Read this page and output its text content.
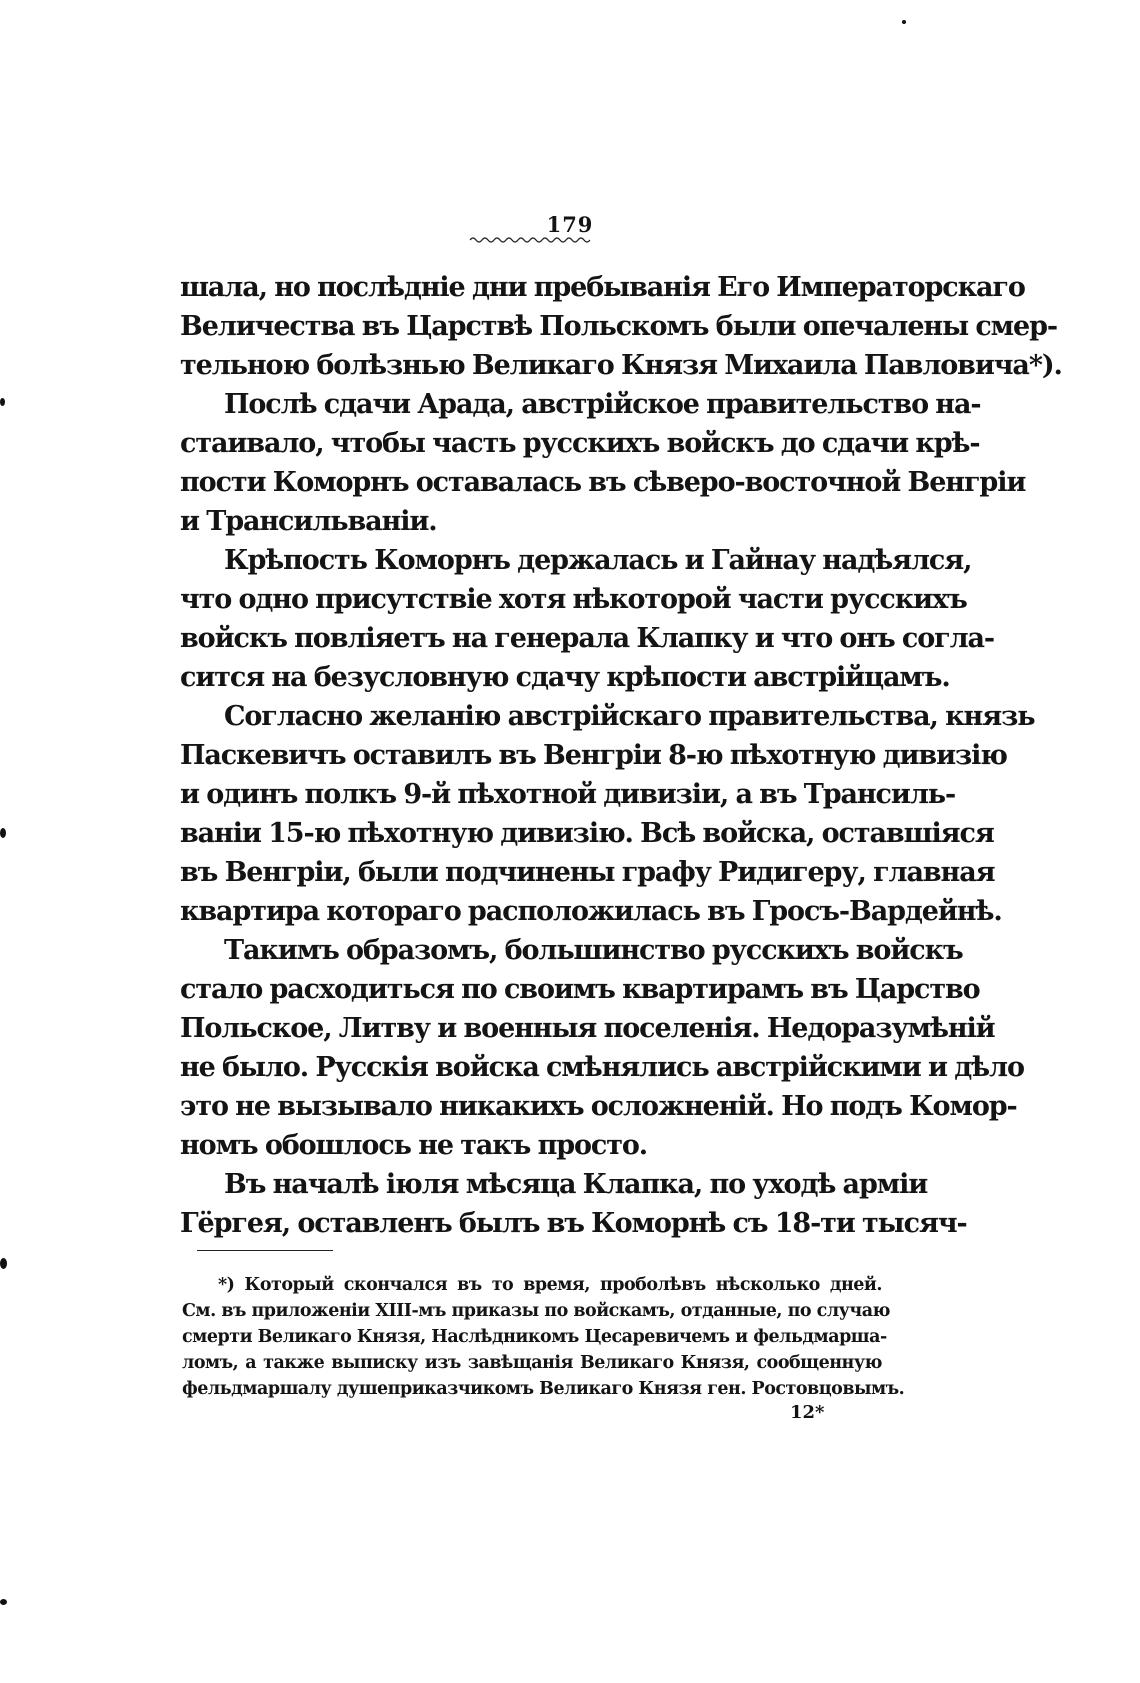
179
шала, но послѣдніе дни пребыванія Его Императорскаго
Величества въ Царствѣ Польскомъ были опечалены смер-
тельною болѣзнью Великаго Князя Михаила Павловича*).
Послѣ сдачи Арада, австрійское правительство на-
стаивало, чтобы часть русскихъ войскъ до сдачи крѣ-
пости Коморнъ оставалась въ сѣверо-восточной Венгріи
и Трансильваніи.
Крѣпость Коморнъ держалась и Гайнау надѣялся,
что одно присутствіе хотя нѣкоторой части русскихъ
войскъ повліяетъ на генерала Клапку и что онъ согла-
сится на безусловную сдачу крѣпости австрійцамъ.
Согласно желанію австрійскаго правительства, князь
Паскевичъ оставилъ въ Венгріи 8-ю пѣхотную дивизію
и одинъ полкъ 9-й пѣхотной дивизіи, а въ Трансиль-
ваніи 15-ю пѣхотную дивизію. Всѣ войска, оставшіяся
въ Венгріи, были подчинены графу Ридигеру, главная
квартира котораго расположилась въ Гросъ-Вардейнѣ.
Такимъ образомъ, большинство русскихъ войскъ
стало расходиться по своимъ квартирамъ въ Царство
Польское, Литву и военныя поселенія. Недоразумѣній
не было. Русскія войска смѣнялись австрійскими и дѣло
это не вызывало никакихъ осложненій. Но подъ Комор-
номъ обошлось не такъ просто.
Въ началѣ іюля мѣсяца Клапка, по уходѣ арміи
Гёргея, оставленъ былъ въ Коморнѣ съ 18-ти тысяч-
*) Который скончался въ то время, проболѣвъ нѣсколько дней.
См. въ приложеніи XIII-мъ приказы по войскамъ, отданные, по случаю
смерти Великаго Князя, Наслѣдникомъ Цесаревичемъ и фельдмарша-
ломъ, а также выписку изъ завѣщанія Великаго Князя, сообщенную
фельдмаршалу душеприказчикомъ Великаго Князя ген. Ростовцовымъ.
12*
